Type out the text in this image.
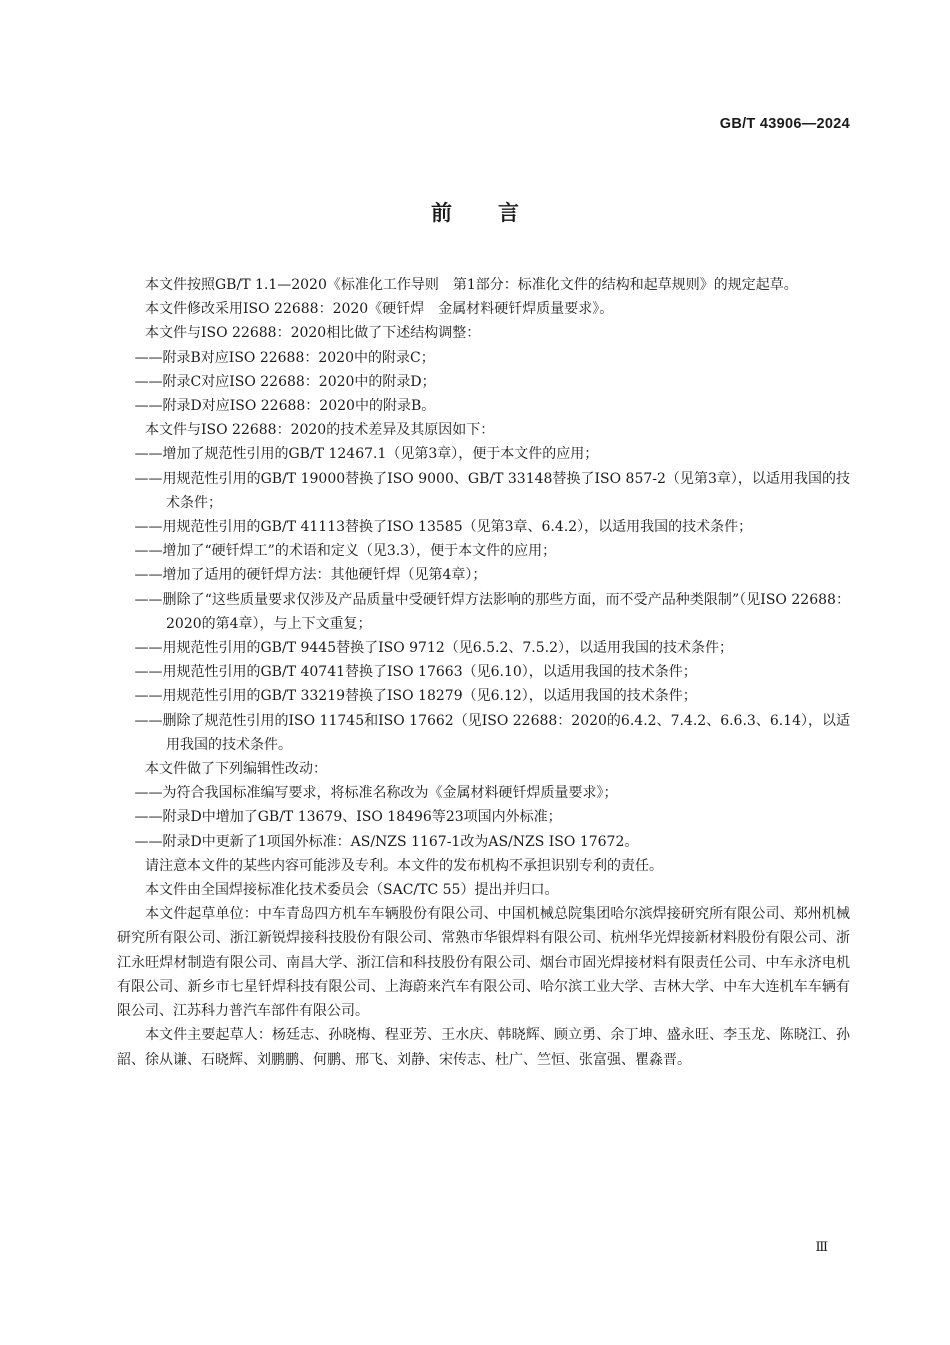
GB/T 43906—2024
前言

本文件按照GB/T 1.1—2020《标准化工作导则　第1部分：标准化文件的结构和起草规则》的规定起草。

本文件修改采用ISO 22688：2020《硬钎焊　金属材料硬钎焊质量要求》。

本文件与ISO 22688：2020相比做了下述结构调整：

——附录B对应ISO 22688：2020中的附录C；

——附录C对应ISO 22688：2020中的附录D；

——附录D对应ISO 22688：2020中的附录B。

本文件与ISO 22688：2020的技术差异及其原因如下：

——增加了规范性引用的GB/T 12467.1（见第3章），便于本文件的应用；

——用规范性引用的GB/T 19000替换了ISO 9000、GB/T 33148替换了ISO 857-2（见第3章），以适用我国的技术条件；

——用规范性引用的GB/T 41113替换了ISO 13585（见第3章、6.4.2），以适用我国的技术条件；

——增加了“硬钎焊工”的术语和定义（见3.3），便于本文件的应用；

——增加了适用的硬钎焊方法：其他硬钎焊（见第4章）；

——删除了“这些质量要求仅涉及产品质量中受硬钎焊方法影响的那些方面，而不受产品种类限制”（见ISO 22688：2020的第4章），与上下文重复；

——用规范性引用的GB/T 9445替换了ISO 9712（见6.5.2、7.5.2），以适用我国的技术条件；

——用规范性引用的GB/T 40741替换了ISO 17663（见6.10），以适用我国的技术条件；

——用规范性引用的GB/T 33219替换了ISO 18279（见6.12），以适用我国的技术条件；

——删除了规范性引用的ISO 11745和ISO 17662（见ISO 22688：2020的6.4.2、7.4.2、6.6.3、6.14），以适用我国的技术条件。

本文件做了下列编辑性改动：

——为符合我国标准编写要求，将标准名称改为《金属材料硬钎焊质量要求》；

——附录D中增加了GB/T 13679、ISO 18496等23项国内外标准；

——附录D中更新了1项国外标准：AS/NZS 1167-1改为AS/NZS ISO 17672。

请注意本文件的某些内容可能涉及专利。本文件的发布机构不承担识别专利的责任。

本文件由全国焊接标准化技术委员会（SAC/TC 55）提出并归口。

本文件起草单位：中车青岛四方机车车辆股份有限公司、中国机械总院集团哈尔滨焊接研究所有限公司、郑州机械研究所有限公司、浙江新锐焊接科技股份有限公司、常熟市华银焊料有限公司、杭州华光焊接新材料股份有限公司、浙江永旺焊材制造有限公司、南昌大学、浙江信和科技股份有限公司、烟台市固光焊接材料有限责任公司、中车永济电机有限公司、新乡市七星钎焊科技有限公司、上海蔚来汽车有限公司、哈尔滨工业大学、吉林大学、中车大连机车车辆有限公司、江苏科力普汽车部件有限公司。

本文件主要起草人：杨廷志、孙晓梅、程亚芳、王水庆、韩晓辉、顾立勇、余丁坤、盛永旺、李玉龙、陈晓江、孙韶、徐从谦、石晓辉、刘鹏鹏、何鹏、邢飞、刘静、宋传志、杜广、竺恒、张富强、瞿淼晋。

Ⅲ
